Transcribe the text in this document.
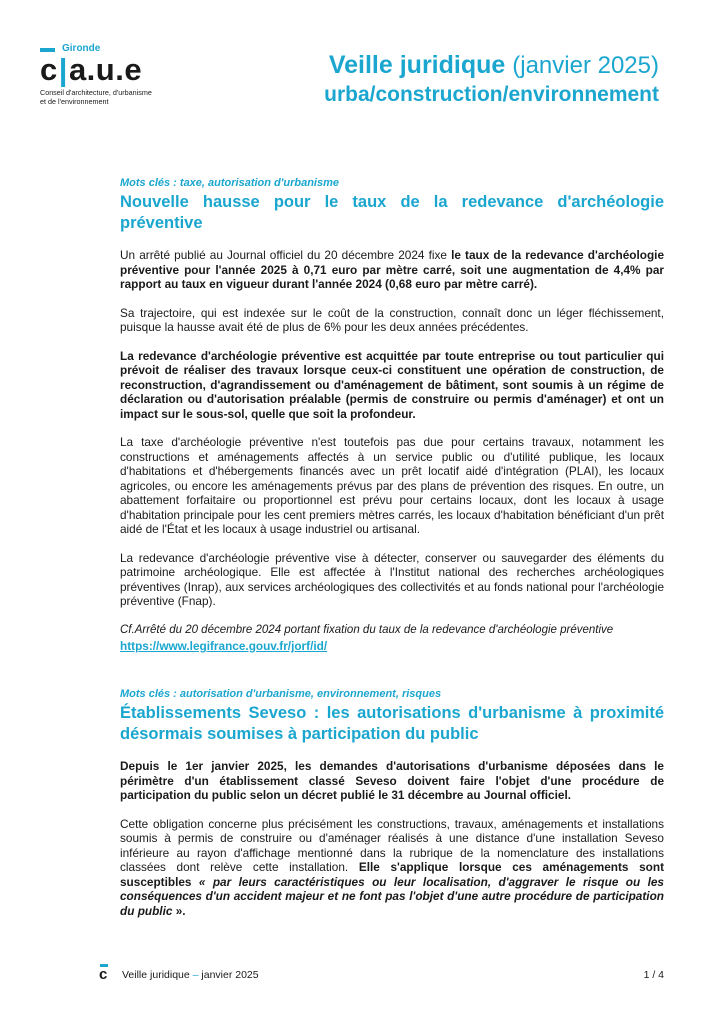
Gironde
c|a.u.e
Conseil d'architecture, d'urbanisme
et de l'environnement
Veille juridique (janvier 2025)
urba/construction/environnement
Mots clés : taxe, autorisation d'urbanisme
Nouvelle hausse pour le taux de la redevance d'archéologie préventive

Un arrêté publié au Journal officiel du 20 décembre 2024 fixe le taux de la redevance d'archéologie préventive pour l'année 2025 à 0,71 euro par mètre carré, soit une augmentation de 4,4% par rapport au taux en vigueur durant l'année 2024 (0,68 euro par mètre carré).

Sa trajectoire, qui est indexée sur le coût de la construction, connaît donc un léger fléchissement, puisque la hausse avait été de plus de 6% pour les deux années précédentes.

La redevance d'archéologie préventive est acquittée par toute entreprise ou tout particulier qui prévoit de réaliser des travaux lorsque ceux-ci constituent une opération de construction, de reconstruction, d'agrandissement ou d'aménagement de bâtiment, sont soumis à un régime de déclaration ou d'autorisation préalable (permis de construire ou permis d'aménager) et ont un impact sur le sous-sol, quelle que soit la profondeur.

La taxe d'archéologie préventive n'est toutefois pas due pour certains travaux, notamment les constructions et aménagements affectés à un service public ou d'utilité publique, les locaux d'habitations et d'hébergements financés avec un prêt locatif aidé d'intégration (PLAI), les locaux agricoles, ou encore les aménagements prévus par des plans de prévention des risques. En outre, un abattement forfaitaire ou proportionnel est prévu pour certains locaux, dont les locaux à usage d'habitation principale pour les cent premiers mètres carrés, les locaux d'habitation bénéficiant d'un prêt aidé de l'État et les locaux à usage industriel ou artisanal.

La redevance d'archéologie préventive vise à détecter, conserver ou sauvegarder des éléments du patrimoine archéologique. Elle est affectée à l'Institut national des recherches archéologiques préventives (Inrap), aux services archéologiques des collectivités et au fonds national pour l'archéologie préventive (Fnap).

Cf.Arrêté du 20 décembre 2024 portant fixation du taux de la redevance d'archéologie préventive
https://www.legifrance.gouv.fr/jorf/id/
Mots clés : autorisation d'urbanisme, environnement, risques
Établissements Seveso : les autorisations d'urbanisme à proximité désormais soumises à participation du public

Depuis le 1er janvier 2025, les demandes d'autorisations d'urbanisme déposées dans le périmètre d'un établissement classé Seveso doivent faire l'objet d'une procédure de participation du public selon un décret publié le 31 décembre au Journal officiel.

Cette obligation concerne plus précisément les constructions, travaux, aménagements et installations soumis à permis de construire ou d'aménager réalisés à une distance d'une installation Seveso inférieure au rayon d'affichage mentionné dans la rubrique de la nomenclature des installations classées dont relève cette installation. Elle s'applique lorsque ces aménagements sont susceptibles « par leurs caractéristiques ou leur localisation, d'aggraver le risque ou les conséquences d'un accident majeur et ne font pas l'objet d'une autre procédure de participation du public ».

c Veille juridique – janvier 2025	1 / 4
